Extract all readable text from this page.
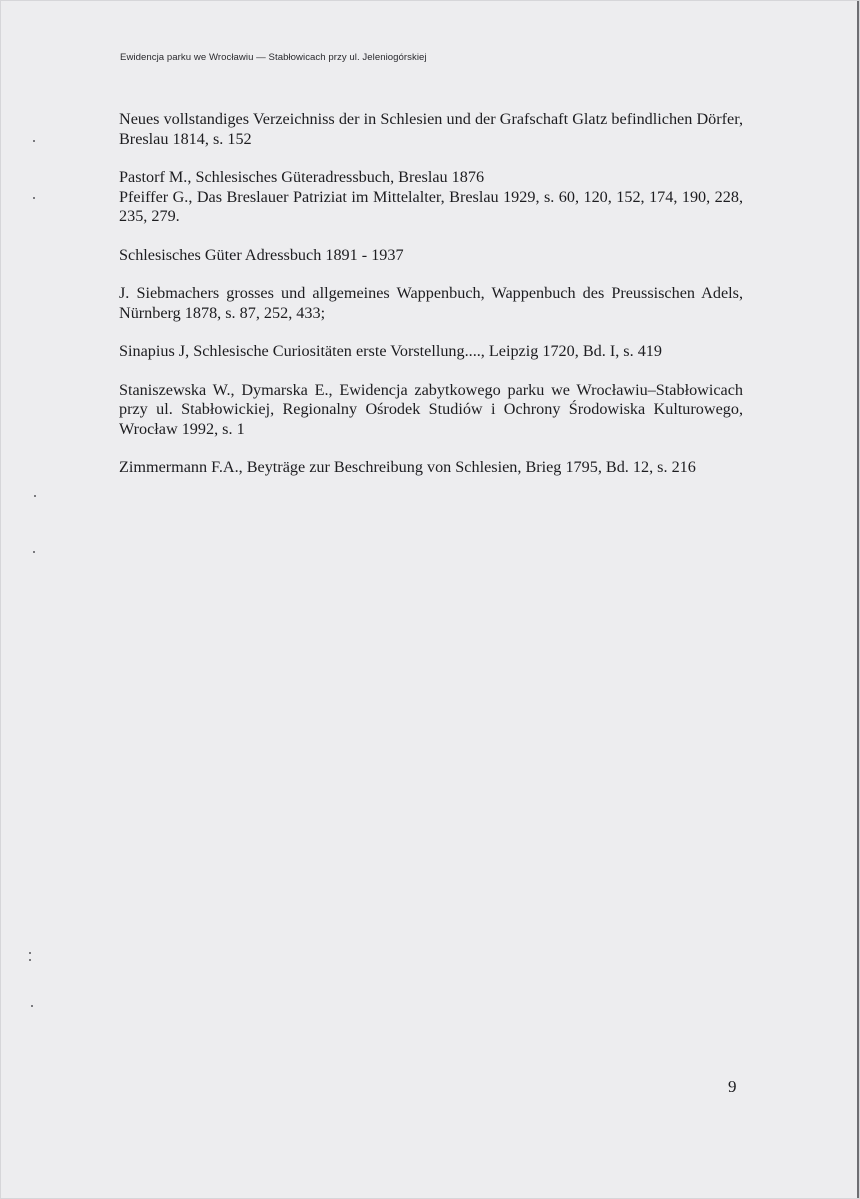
Ewidencja parku we Wrocławiu — Stabłowicach przy ul. Jeleniogórskiej

Neues vollstandiges Verzeichniss der in Schlesien und der Grafschaft Glatz befindlichen Dörfer, Breslau 1814, s. 152

Pastorf M., Schlesisches Güteradressbuch, Breslau 1876

Pfeiffer G., Das Breslauer Patriziat im Mittelalter, Breslau 1929, s. 60, 120, 152, 174, 190, 228, 235, 279.

Schlesisches Güter Adressbuch 1891 - 1937

J. Siebmachers grosses und allgemeines Wappenbuch, Wappenbuch des Preussischen Adels, Nürnberg 1878, s. 87, 252, 433;

Sinapius J, Schlesische Curiositäten erste Vorstellung...., Leipzig 1720, Bd. I, s. 419

Staniszewska W., Dymarska E., Ewidencja zabytkowego parku we Wrocławiu–Stabłowicach przy ul. Stabłowickiej, Regionalny Ośrodek Studiów i Ochrony Środowiska Kulturowego, Wrocław 1992, s. 1

Zimmermann F.A., Beyträge zur Beschreibung von Schlesien, Brieg 1795, Bd. 12, s. 216

9
